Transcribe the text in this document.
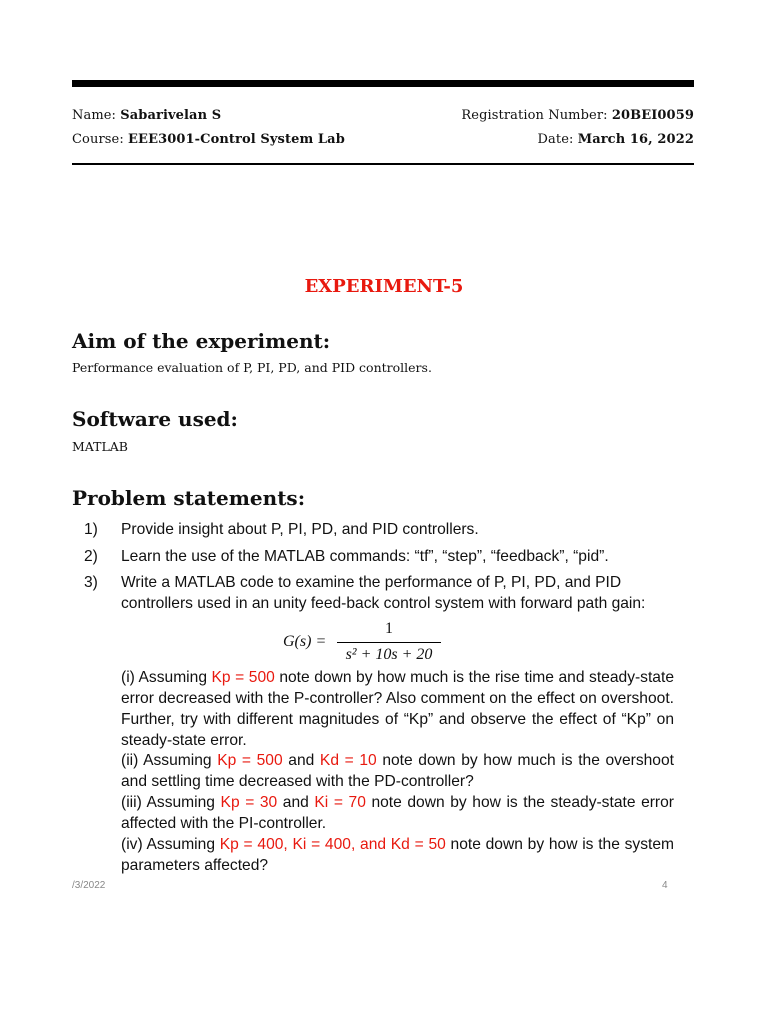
Name: Sabarivelan S	Registration Number: 20BEI0059
Course: EEE3001-Control System Lab	Date: March 16, 2022
EXPERIMENT-5
Aim of the experiment:
Performance evaluation of P, PI, PD, and PID controllers.
Software used:
MATLAB
Problem statements:
1)	Provide insight about P, PI, PD, and PID controllers.
2)	Learn the use of the MATLAB commands: “tf”, “step”, “feedback”, “pid”.
3)	Write a MATLAB code to examine the performance of P, PI, PD, and PID controllers used in an unity feed-back control system with forward path gain:
G(s) =
1
s² + 10s + 20
(i) Assuming Kp = 500 note down by how much is the rise time and steady-state error decreased with the P-controller? Also comment on the effect on overshoot. Further, try with different magnitudes of “Kp” and observe the effect of “Kp” on steady-state error.
(ii) Assuming Kp = 500 and Kd = 10 note down by how much is the overshoot and settling time decreased with the PD-controller?
(iii) Assuming Kp = 30 and Ki = 70 note down by how is the steady-state error affected with the PI-controller.
(iv) Assuming Kp = 400, Ki = 400, and Kd = 50 note down by how is the system parameters affected?
/3/2022	4
